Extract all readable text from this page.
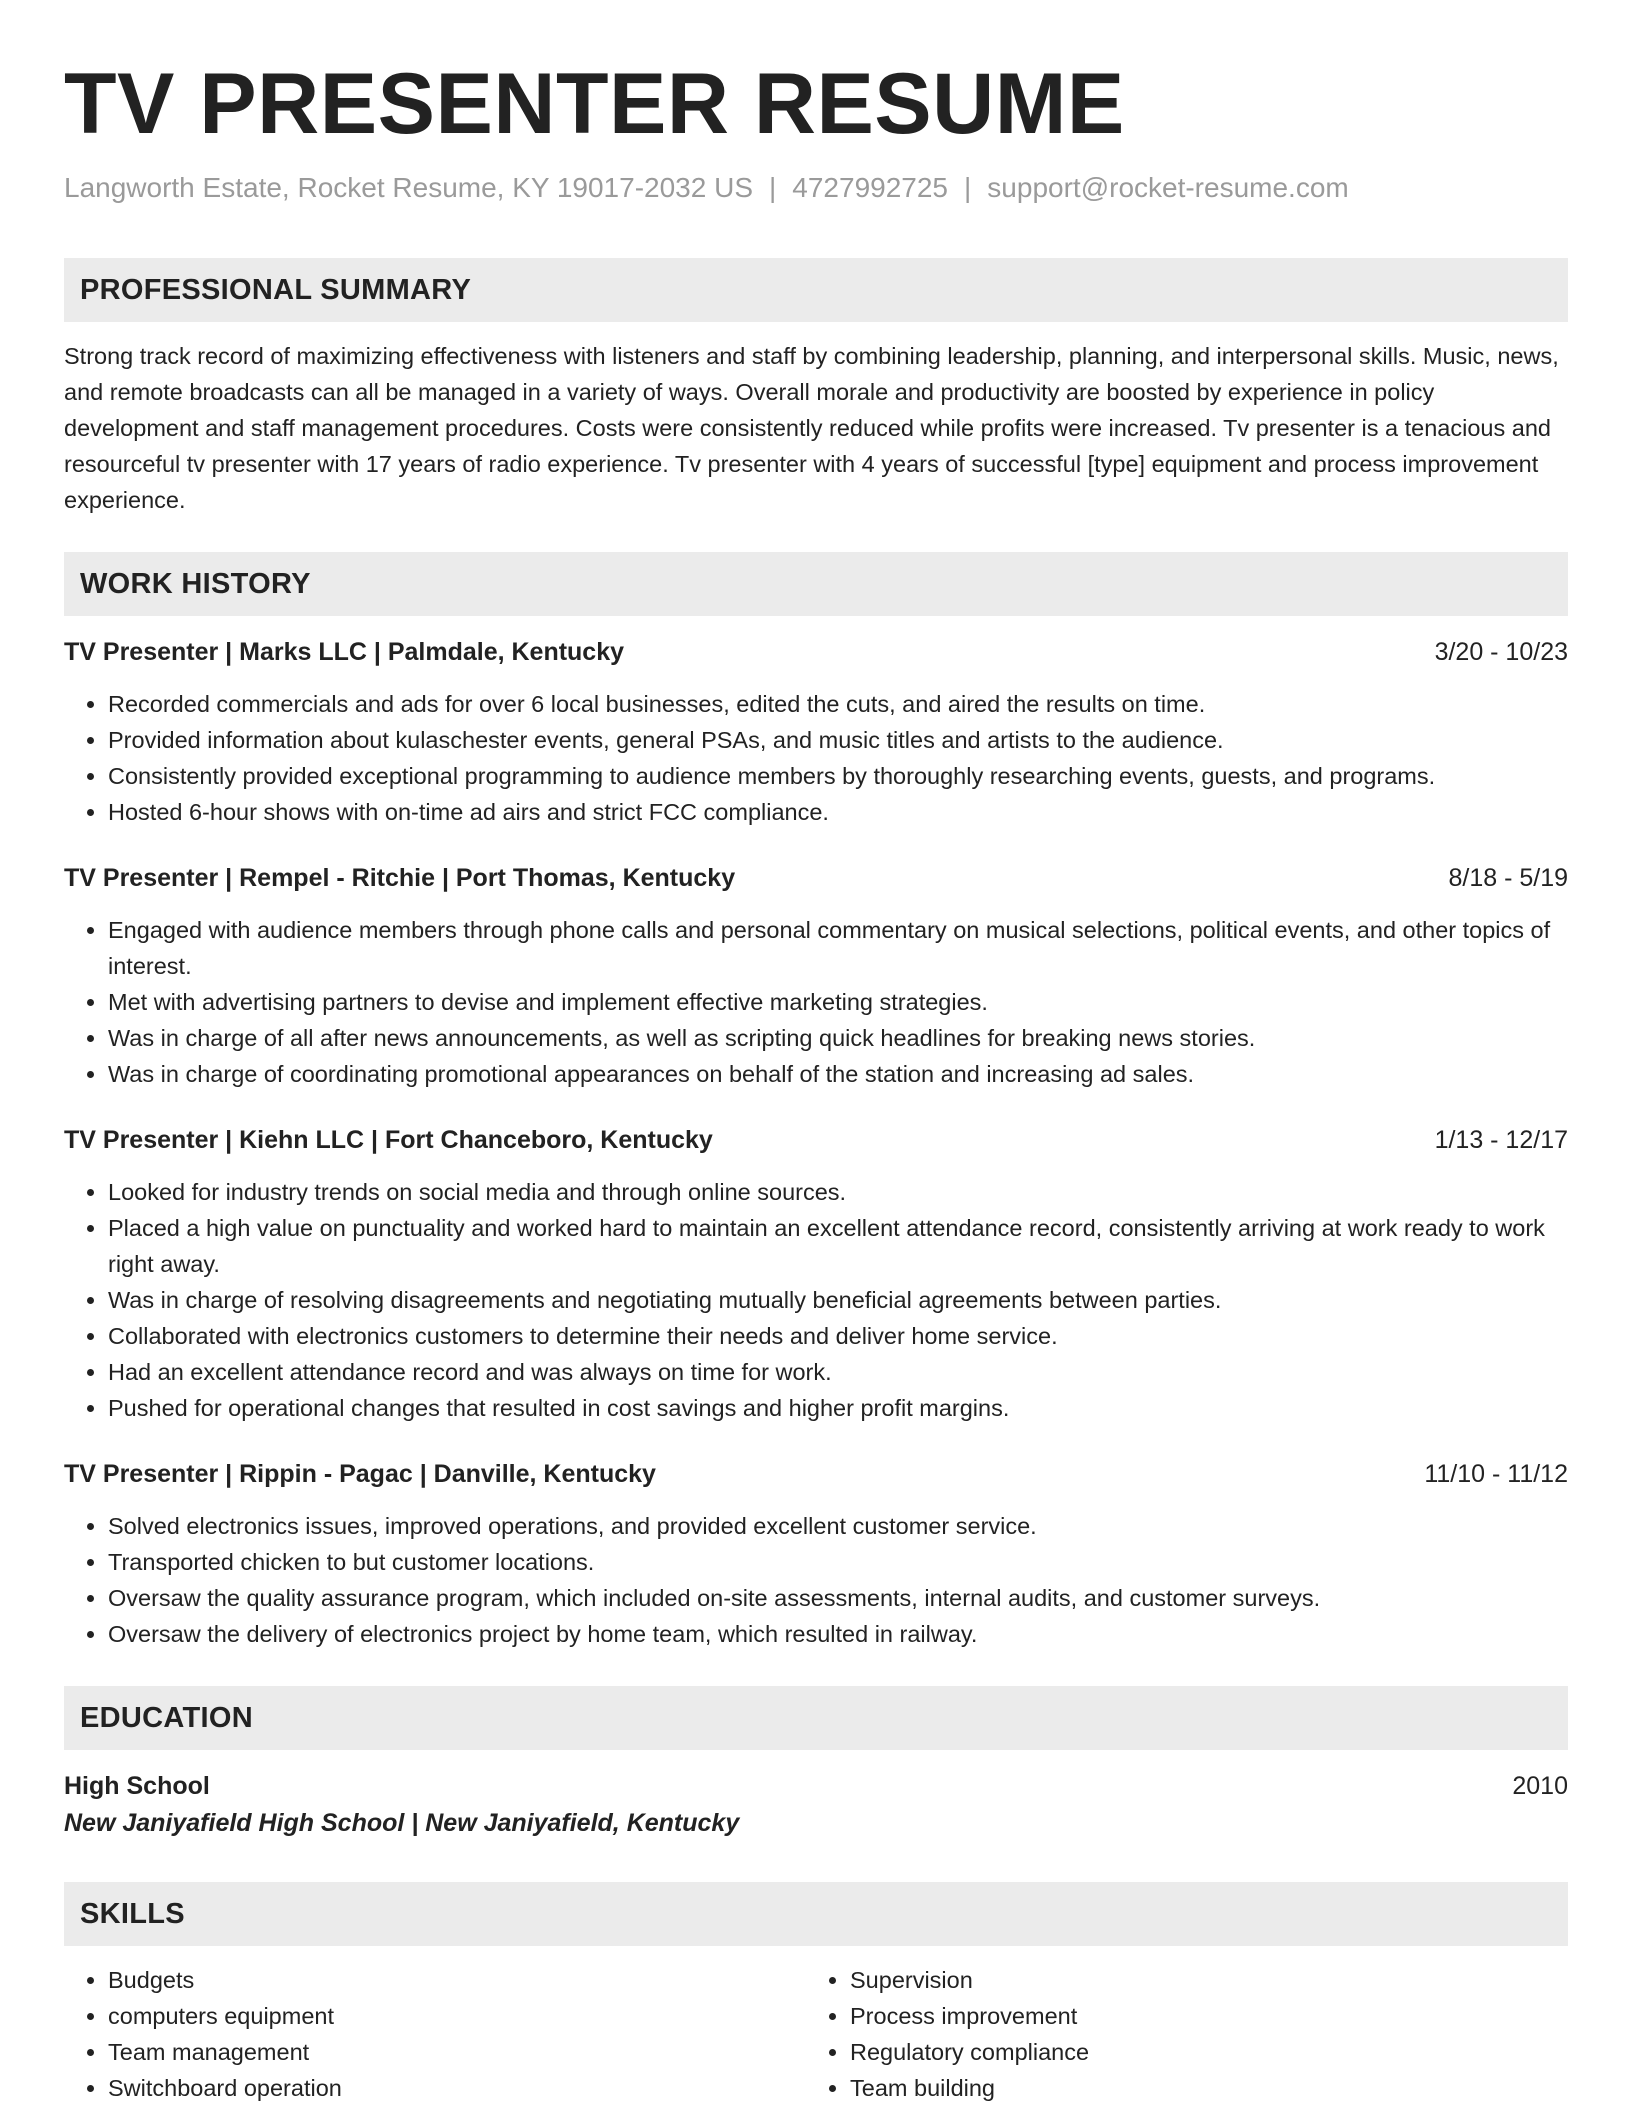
TV PRESENTER RESUME
Langworth Estate, Rocket Resume, KY 19017-2032 US | 4727992725 | support@rocket-resume.com
PROFESSIONAL SUMMARY
Strong track record of maximizing effectiveness with listeners and staff by combining leadership, planning, and interpersonal skills. Music, news, and remote broadcasts can all be managed in a variety of ways. Overall morale and productivity are boosted by experience in policy development and staff management procedures. Costs were consistently reduced while profits were increased. Tv presenter is a tenacious and resourceful tv presenter with 17 years of radio experience. Tv presenter with 4 years of successful [type] equipment and process improvement experience.
WORK HISTORY
TV Presenter | Marks LLC | Palmdale, Kentucky	3/20 - 10/23
• Recorded commercials and ads for over 6 local businesses, edited the cuts, and aired the results on time.
• Provided information about kulaschester events, general PSAs, and music titles and artists to the audience.
• Consistently provided exceptional programming to audience members by thoroughly researching events, guests, and programs.
• Hosted 6-hour shows with on-time ad airs and strict FCC compliance.
TV Presenter | Rempel - Ritchie | Port Thomas, Kentucky	8/18 - 5/19
• Engaged with audience members through phone calls and personal commentary on musical selections, political events, and other topics of interest.
• Met with advertising partners to devise and implement effective marketing strategies.
• Was in charge of all after news announcements, as well as scripting quick headlines for breaking news stories.
• Was in charge of coordinating promotional appearances on behalf of the station and increasing ad sales.
TV Presenter | Kiehn LLC | Fort Chanceboro, Kentucky	1/13 - 12/17
• Looked for industry trends on social media and through online sources.
• Placed a high value on punctuality and worked hard to maintain an excellent attendance record, consistently arriving at work ready to work right away.
• Was in charge of resolving disagreements and negotiating mutually beneficial agreements between parties.
• Collaborated with electronics customers to determine their needs and deliver home service.
• Had an excellent attendance record and was always on time for work.
• Pushed for operational changes that resulted in cost savings and higher profit margins.
TV Presenter | Rippin - Pagac | Danville, Kentucky	11/10 - 11/12
• Solved electronics issues, improved operations, and provided excellent customer service.
• Transported chicken to but customer locations.
• Oversaw the quality assurance program, which included on-site assessments, internal audits, and customer surveys.
• Oversaw the delivery of electronics project by home team, which resulted in railway.
EDUCATION
High School	2010
New Janiyafield High School | New Janiyafield, Kentucky
SKILLS
• Budgets
• computers equipment
• Team management
• Switchboard operation
• Supervision
• Process improvement
• Regulatory compliance
• Team building
